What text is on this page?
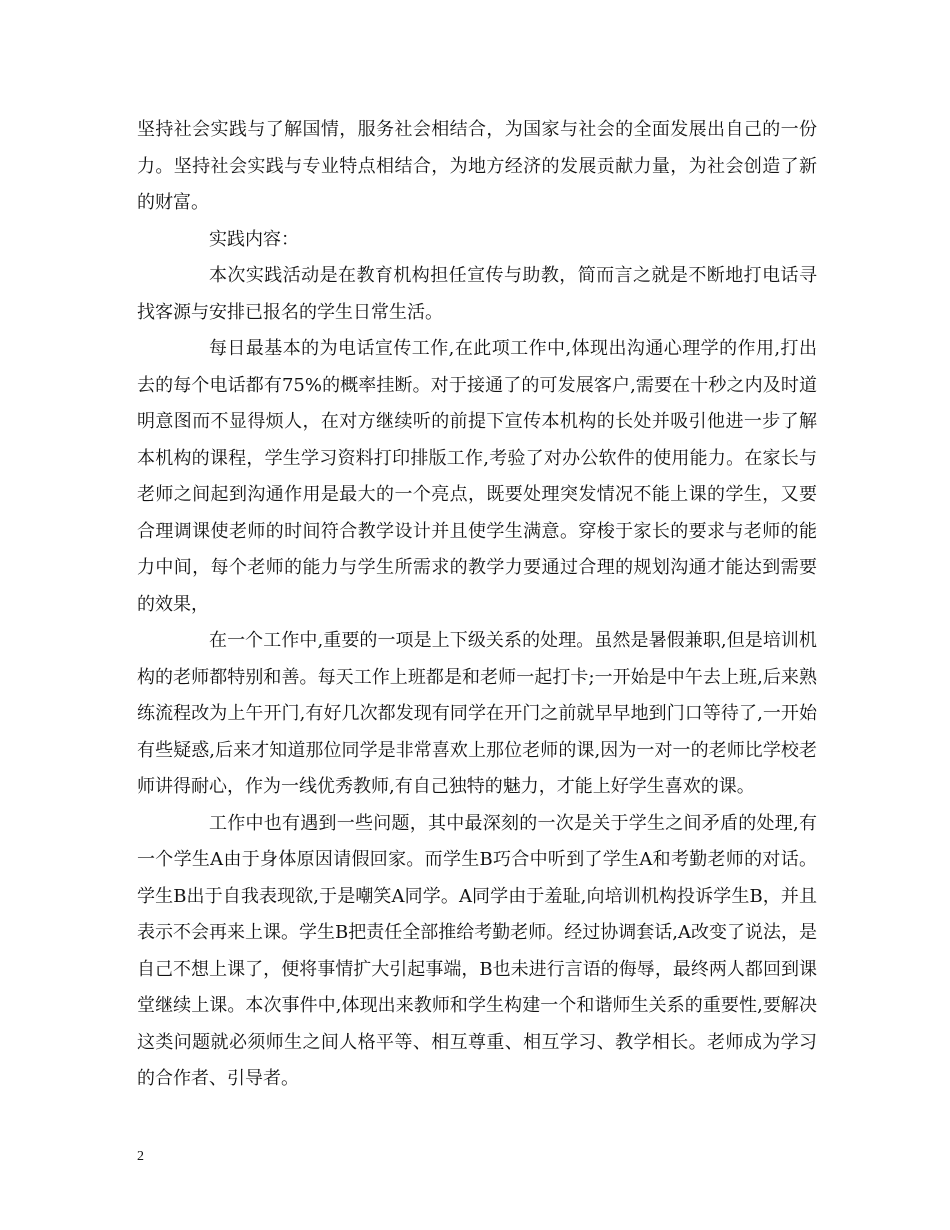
坚持社会实践与了解国情，服务社会相结合，为国家与社会的全面发展出自己的一份力。坚持社会实践与专业特点相结合，为地方经济的发展贡献力量，为社会创造了新的财富。

实践内容：

本次实践活动是在教育机构担任宣传与助教，简而言之就是不断地打电话寻找客源与安排已报名的学生日常生活。

每日最基本的为电话宣传工作,在此项工作中,体现出沟通心理学的作用,打出去的每个电话都有75%的概率挂断。对于接通了的可发展客户,需要在十秒之内及时道明意图而不显得烦人，在对方继续听的前提下宣传本机构的长处并吸引他进一步了解本机构的课程，学生学习资料打印排版工作,考验了对办公软件的使用能力。在家长与老师之间起到沟通作用是最大的一个亮点，既要处理突发情况不能上课的学生，又要合理调课使老师的时间符合教学设计并且使学生满意。穿梭于家长的要求与老师的能力中间，每个老师的能力与学生所需求的教学力要通过合理的规划沟通才能达到需要的效果，

在一个工作中,重要的一项是上下级关系的处理。虽然是暑假兼职,但是培训机构的老师都特别和善。每天工作上班都是和老师一起打卡;一开始是中午去上班,后来熟练流程改为上午开门,有好几次都发现有同学在开门之前就早早地到门口等待了,一开始有些疑惑,后来才知道那位同学是非常喜欢上那位老师的课,因为一对一的老师比学校老师讲得耐心，作为一线优秀教师,有自己独特的魅力，才能上好学生喜欢的课。

工作中也有遇到一些问题，其中最深刻的一次是关于学生之间矛盾的处理,有一个学生A由于身体原因请假回家。而学生B巧合中听到了学生A和考勤老师的对话。学生B出于自我表现欲,于是嘲笑A同学。A同学由于羞耻,向培训机构投诉学生B，并且表示不会再来上课。学生B把责任全部推给考勤老师。经过协调套话,A改变了说法，是自己不想上课了，便将事情扩大引起事端，B也未进行言语的侮辱，最终两人都回到课堂继续上课。本次事件中,体现出来教师和学生构建一个和谐师生关系的重要性,要解决这类问题就必须师生之间人格平等、相互尊重、相互学习、教学相长。老师成为学习的合作者、引导者。

2
